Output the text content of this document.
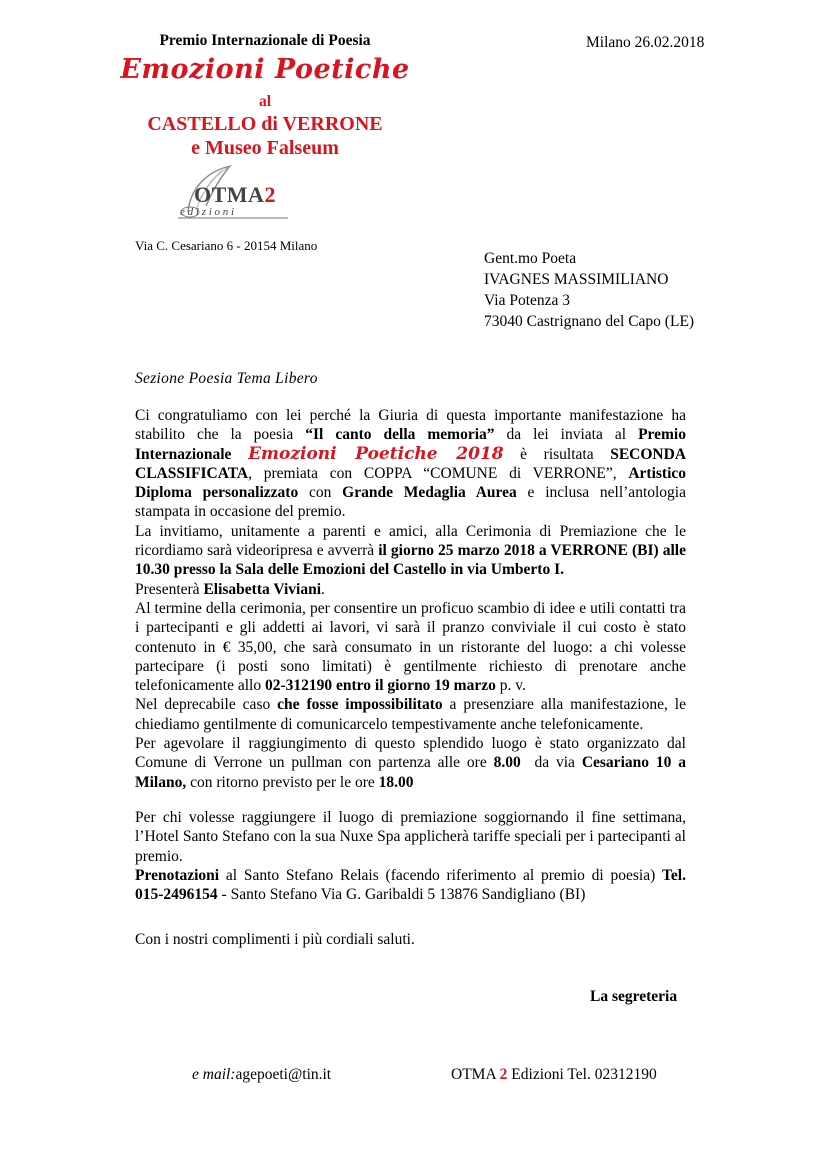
Premio Internazionale di Poesia
Emozioni Poetiche
al
CASTELLO di VERRONE
e Museo Falseum
OTMA2
e d i z i o n i
Via C. Cesariano 6 - 20154 Milano
Milano 26.02.2018
Gent.mo Poeta
IVAGNES MASSIMILIANO
Via Potenza 3
73040 Castrignano del Capo (LE)
Sezione Poesia Tema Libero

Ci congratuliamo con lei perché la Giuria di questa importante manifestazione ha stabilito che la poesia “Il canto della memoria” da lei inviata al Premio Internazionale Emozioni Poetiche 2018 è risultata SECONDA CLASSIFICATA, premiata con COPPA “COMUNE di VERRONE”, Artistico Diploma personalizzato con Grande Medaglia Aurea e inclusa nell’antologia stampata in occasione del premio.

La invitiamo, unitamente a parenti e amici, alla Cerimonia di Premiazione che le ricordiamo sarà videoripresa e avverrà il giorno 25 marzo 2018 a VERRONE (BI) alle 10.30 presso la Sala delle Emozioni del Castello in via Umberto I.

Presenterà Elisabetta Viviani.

Al termine della cerimonia, per consentire un proficuo scambio di idee e utili contatti tra i partecipanti e gli addetti ai lavori, vi sarà il pranzo conviviale il cui costo è stato contenuto in € 35,00, che sarà consumato in un ristorante del luogo: a chi volesse partecipare (i posti sono limitati) è gentilmente richiesto di prenotare anche telefonicamente allo 02-312190 entro il giorno 19 marzo p. v.

Nel deprecabile caso che fosse impossibilitato a presenziare alla manifestazione, le chiediamo gentilmente di comunicarcelo tempestivamente anche telefonicamente.

Per agevolare il raggiungimento di questo splendido luogo è stato organizzato dal Comune di Verrone un pullman con partenza alle ore 8.00  da via Cesariano 10 a Milano, con ritorno previsto per le ore 18.00

Per chi volesse raggiungere il luogo di premiazione soggiornando il fine settimana, l’Hotel Santo Stefano con la sua Nuxe Spa applicherà tariffe speciali per i partecipanti al premio.

Prenotazioni al Santo Stefano Relais (facendo riferimento al premio di poesia) Tel. 015-2496154 - Santo Stefano Via G. Garibaldi 5 13876 Sandigliano (BI)

Con i nostri complimenti i più cordiali saluti.
La segreteria
e mail:agepoeti@tin.it	OTMA 2 Edizioni Tel. 02312190
